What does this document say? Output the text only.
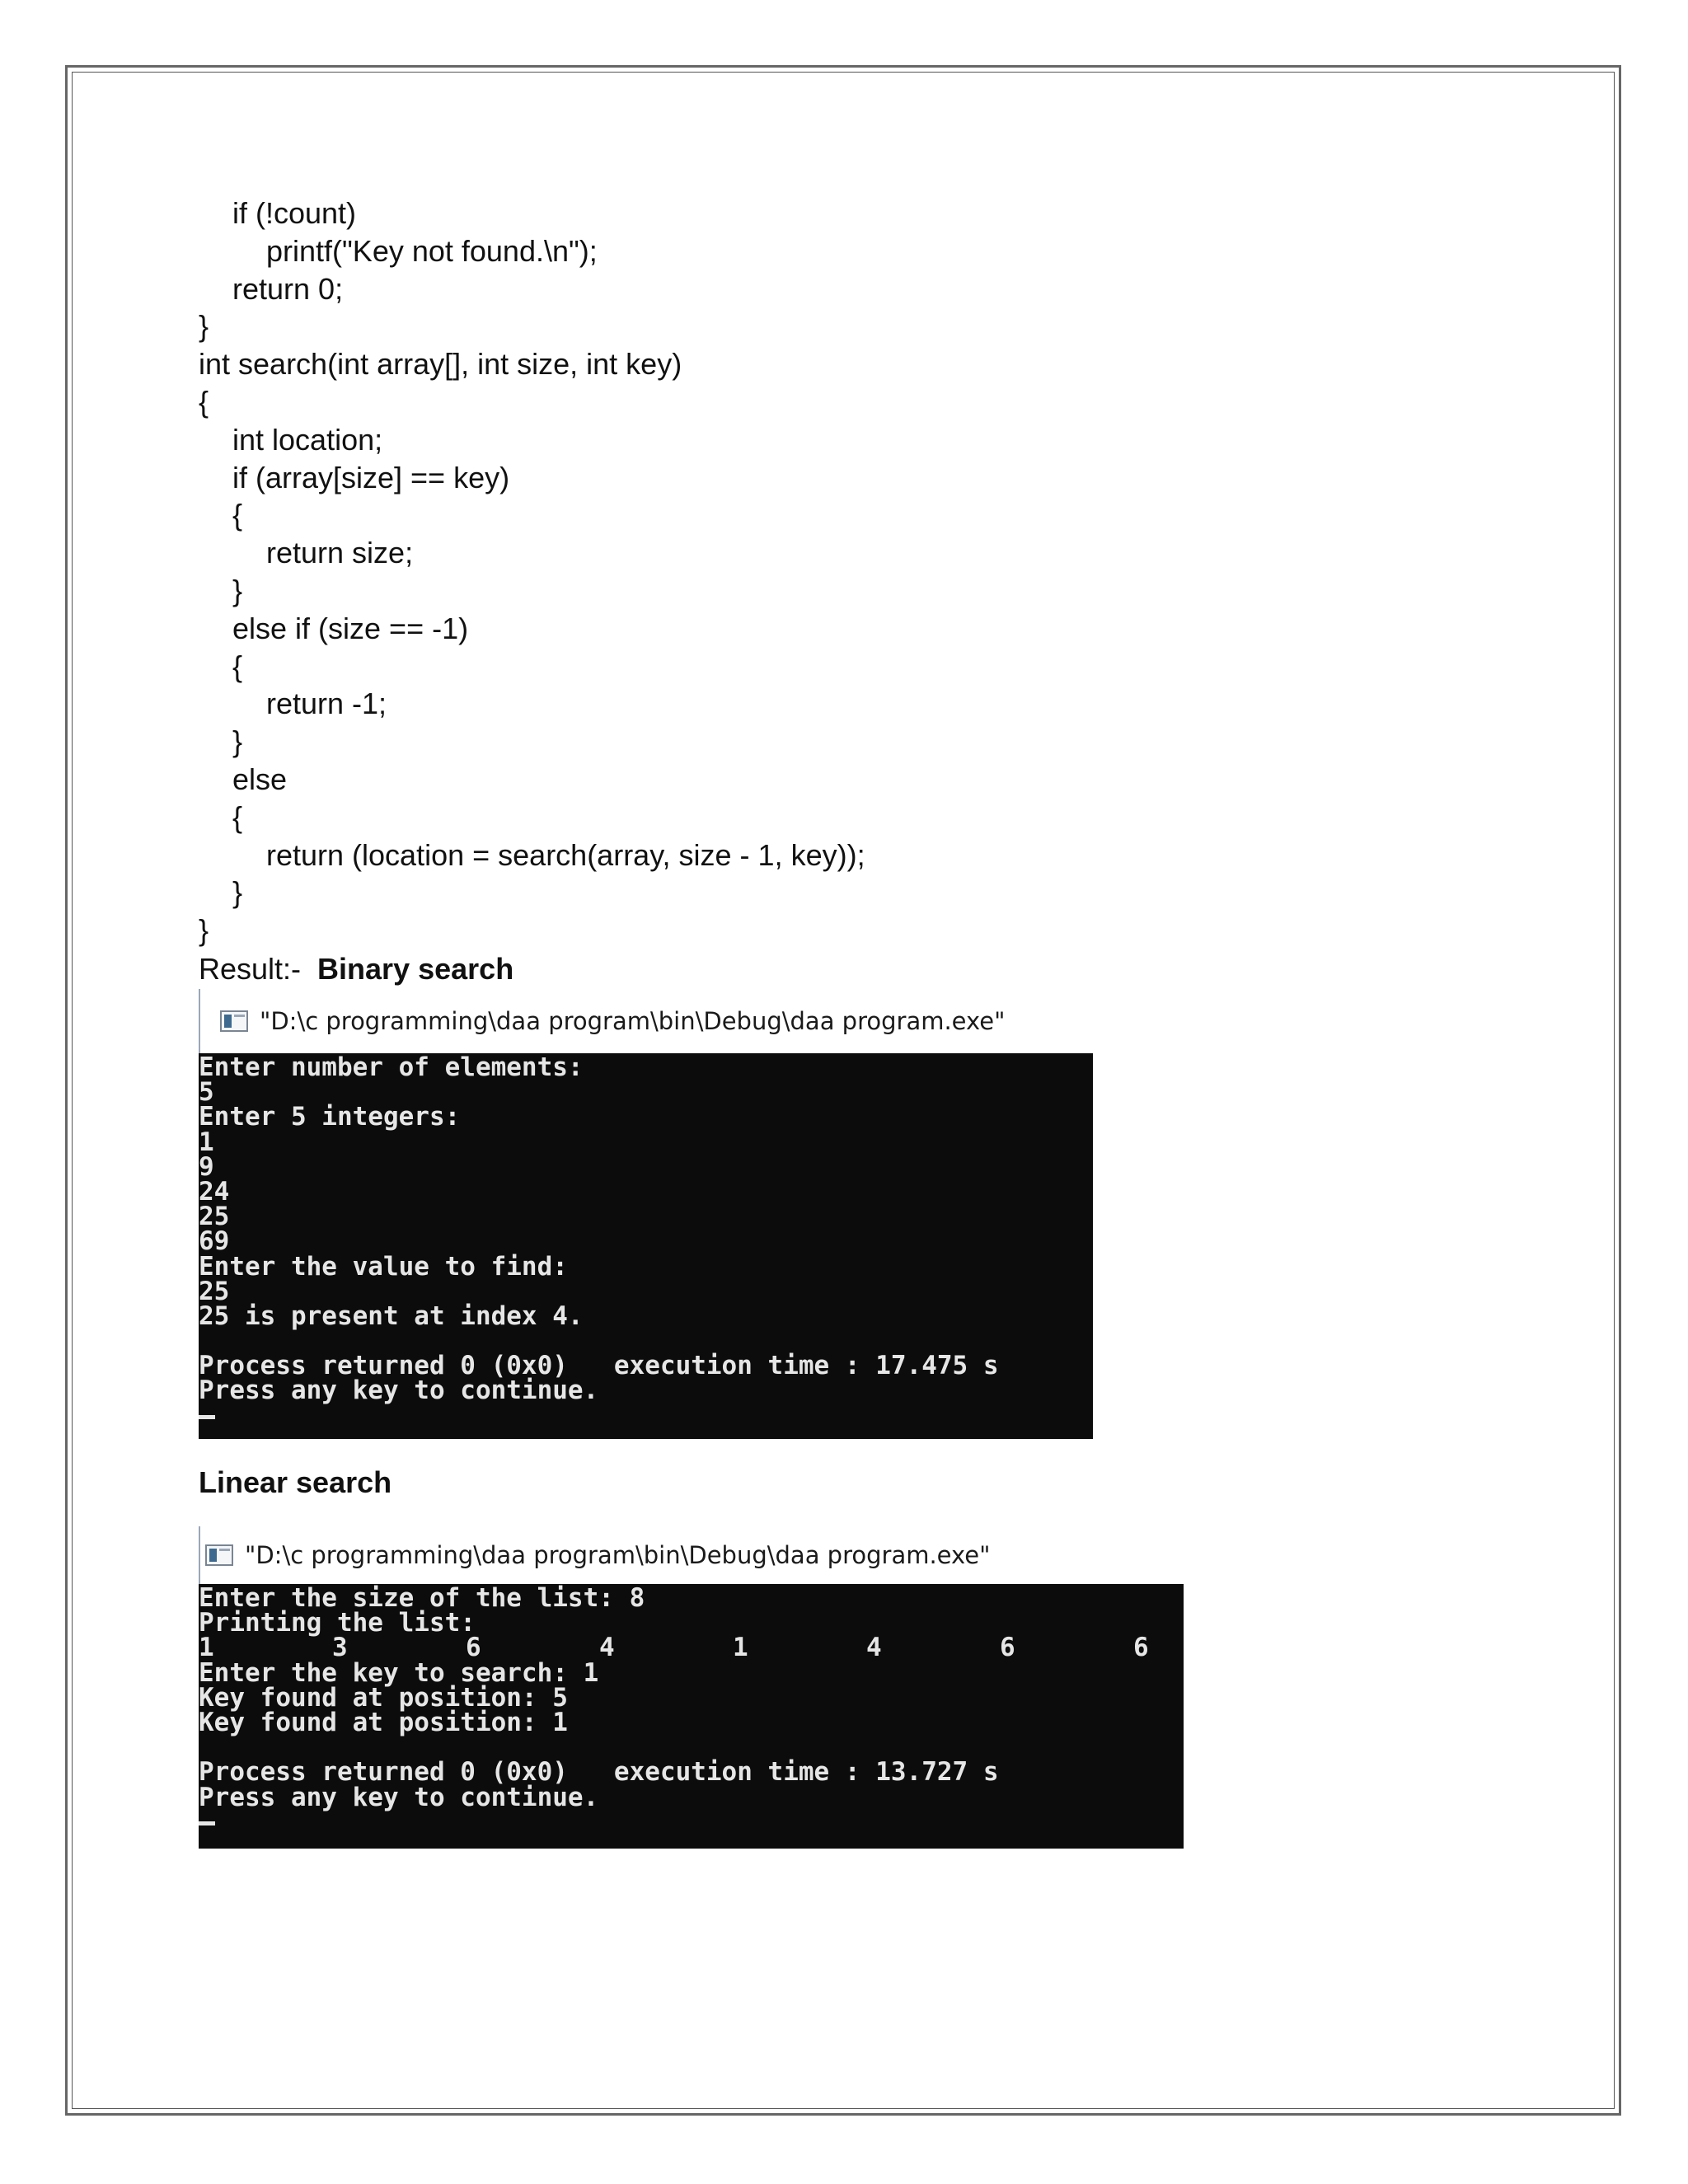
if (!count)
printf("Key not found.\n");
return 0;
}
int search(int array[], int size, int key)
{
int location;
if (array[size] == key)
{
return size;
}
else if (size == -1)
{
return -1;
}
else
{
return (location = search(array, size - 1, key));
}
}
Result:-  Binary search
"D:\c programming\daa program\bin\Debug\daa program.exe"
Enter number of elements:
5
Enter 5 integers:
1
9
24
25
69
Enter the value to find:
25
25 is present at index 4.
Process returned 0 (0x0)   execution time : 17.475 s
Press any key to continue.
Linear search
"D:\c programming\daa program\bin\Debug\daa program.exe"
Enter the size of the list: 8
Printing the list:
1	3	6	4	1	4	6	6
Enter the key to search: 1
Key found at position: 5
Key found at position: 1
Process returned 0 (0x0)   execution time : 13.727 s
Press any key to continue.
